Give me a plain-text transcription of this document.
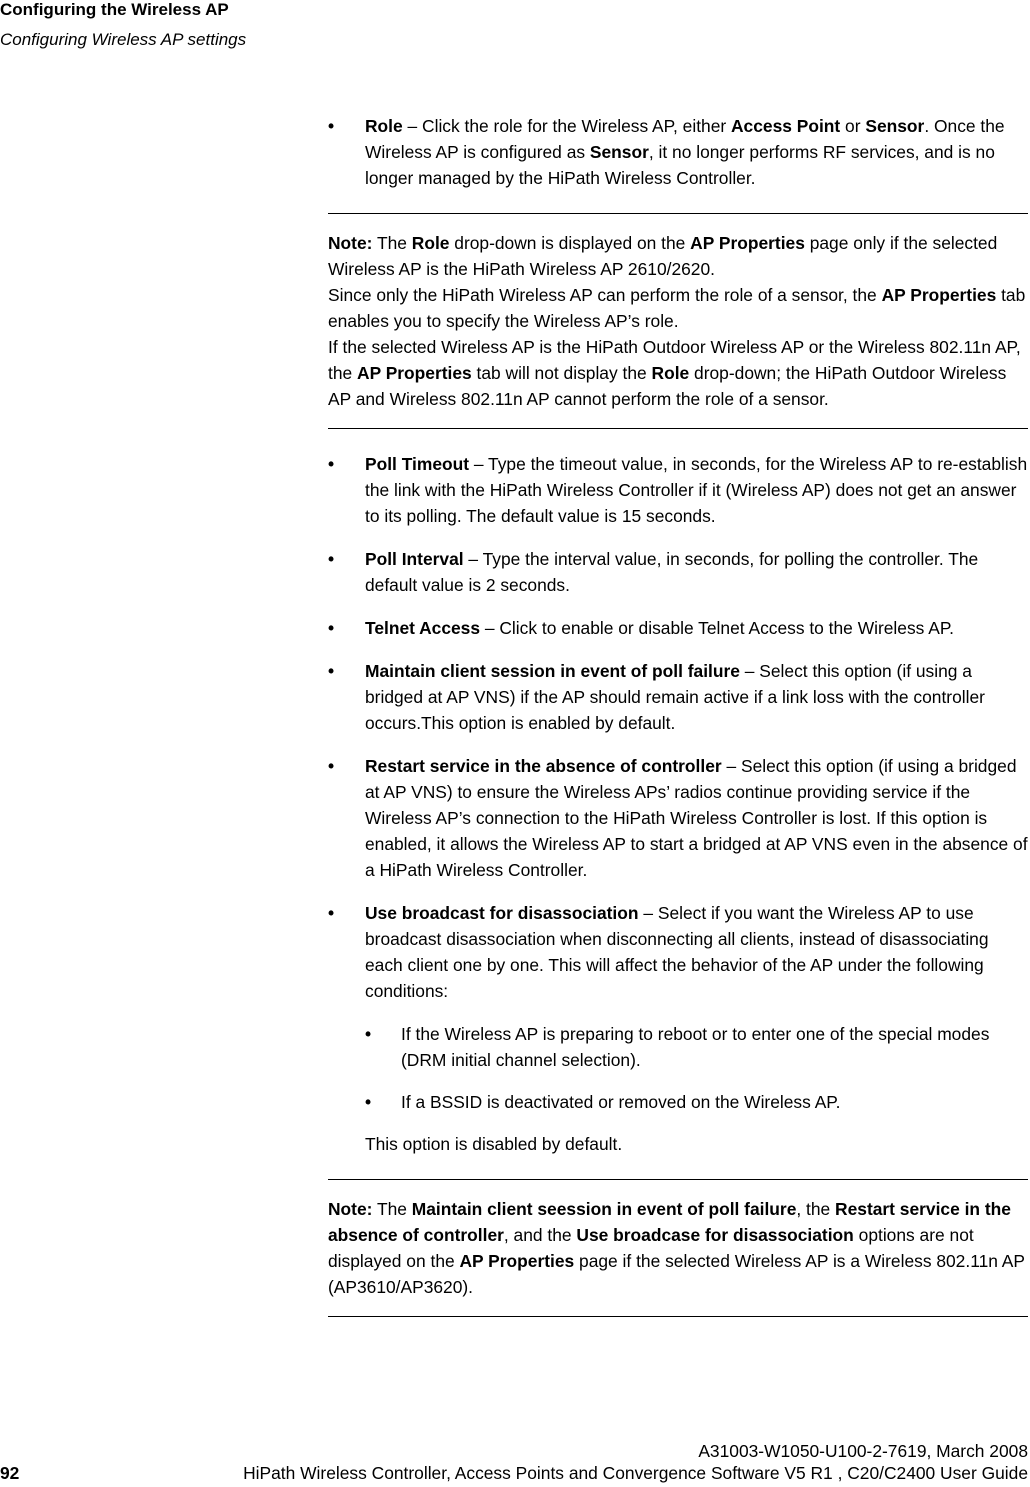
Configuring the Wireless AP
Configuring Wireless AP settings
• Role – Click the role for the Wireless AP, either Access Point or Sensor. Once the Wireless AP is configured as Sensor, it no longer performs RF services, and is no longer managed by the HiPath Wireless Controller.
Note: The Role drop-down is displayed on the AP Properties page only if the selected Wireless AP is the HiPath Wireless AP 2610/2620.
Since only the HiPath Wireless AP can perform the role of a sensor, the AP Properties tab enables you to specify the Wireless AP’s role.
If the selected Wireless AP is the HiPath Outdoor Wireless AP or the Wireless 802.11n AP, the AP Properties tab will not display the Role drop-down; the HiPath Outdoor Wireless AP and Wireless 802.11n AP cannot perform the role of a sensor.
• Poll Timeout – Type the timeout value, in seconds, for the Wireless AP to re-establish the link with the HiPath Wireless Controller if it (Wireless AP) does not get an answer to its polling. The default value is 15 seconds.
• Poll Interval – Type the interval value, in seconds, for polling the controller. The default value is 2 seconds.
• Telnet Access – Click to enable or disable Telnet Access to the Wireless AP.
• Maintain client session in event of poll failure – Select this option (if using a bridged at AP VNS) if the AP should remain active if a link loss with the controller occurs.This option is enabled by default.
• Restart service in the absence of controller – Select this option (if using a bridged at AP VNS) to ensure the Wireless APs’ radios continue providing service if the Wireless AP’s connection to the HiPath Wireless Controller is lost. If this option is enabled, it allows the Wireless AP to start a bridged at AP VNS even in the absence of a HiPath Wireless Controller.
• Use broadcast for disassociation – Select if you want the Wireless AP to use broadcast disassociation when disconnecting all clients, instead of disassociating each client one by one. This will affect the behavior of the AP under the following conditions:
• If the Wireless AP is preparing to reboot or to enter one of the special modes (DRM initial channel selection).
• If a BSSID is deactivated or removed on the Wireless AP.
This option is disabled by default.
Note: The Maintain client seession in event of poll failure, the Restart service in the absence of controller, and the Use broadcase for disassociation options are not displayed on the AP Properties page if the selected Wireless AP is a Wireless 802.11n AP (AP3610/AP3620).
A31003-W1050-U100-2-7619, March 2008
92	HiPath Wireless Controller, Access Points and Convergence Software V5 R1 , C20/C2400 User Guide
